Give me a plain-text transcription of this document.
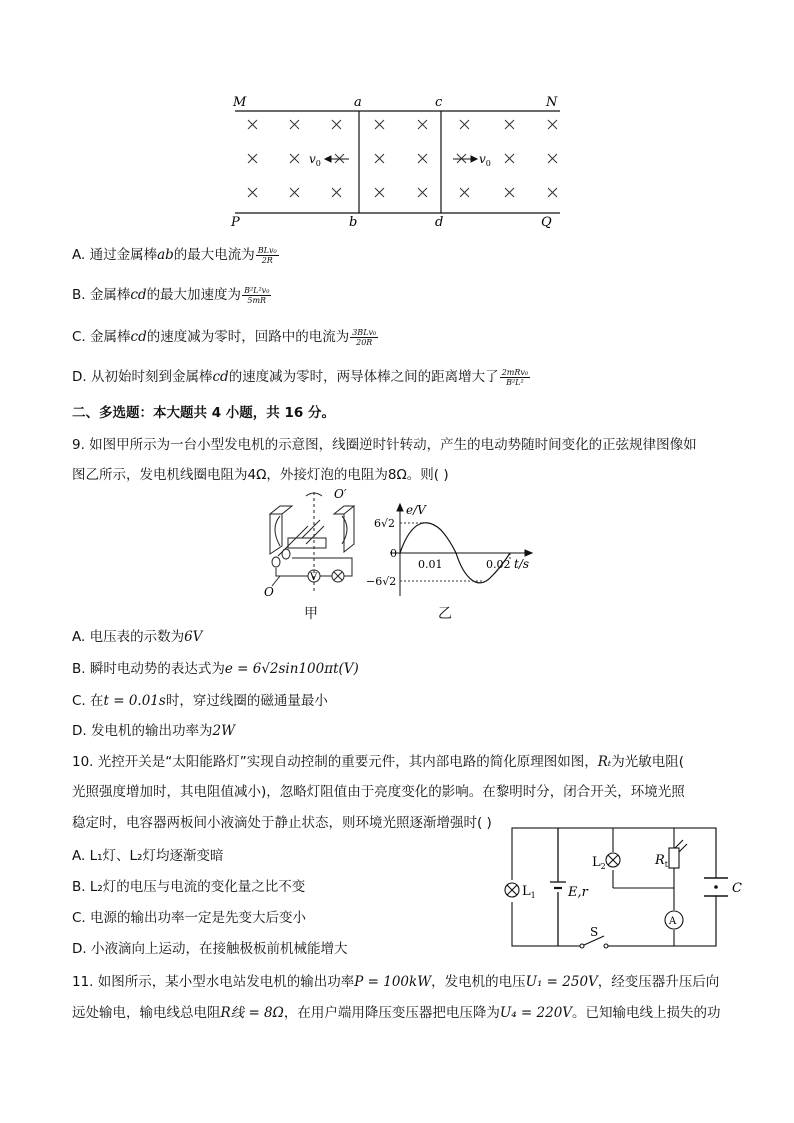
M	a	c	N
P	b	d	Q
$v_0$	$v_0$
A. 通过金属棒ab的最大电流为 $\frac{\text{BLv₀}}{2R}$
B. 金属棒cd的最大加速度为 $\frac{\text{B²L²v₀}}{5mR}$
C. 金属棒cd的速度减为零时，回路中的电流为 $\frac{\text{3BLv₀}}{20R}$
D. 从初始时刻到金属棒cd的速度减为零时，两导体棒之间的距离增大了 $\frac{\text{2mRv₀}}{\text{B²L²}}$
二、多选题：本大题共 4 小题，共 16 分。
9. 如图甲所示为一台小型发电机的示意图，线圈逆时针转动，产生的电动势随时间变化的正弦规律图像如
图乙所示，发电机线圈电阻为4Ω，外接灯泡的电阻为8Ω。则( )
O′
O
V
甲
e/V
t/s
6√2
0
−6√2
0.01	0.02
乙
A. 电压表的示数为6V
B. 瞬时电动势的表达式为e = 6√2sin100πt(V)
C. 在t = 0.01s时，穿过线圈的磁通量最小
D. 发电机的输出功率为2W
10. 光控开关是“太阳能路灯”实现自动控制的重要元件，其内部电路的简化原理图如图，Rₜ为光敏电阻(
光照强度增加时，其电阻值减小)，忽略灯阻值由于亮度变化的影响。在黎明时分，闭合开关，环境光照
稳定时，电容器两板间小液滴处于静止状态，则环境光照逐渐增强时( )
A. L₁灯、L₂灯均逐渐变暗
B. L₂灯的电压与电流的变化量之比不变
C. 电源的输出功率一定是先变大后变小
D. 小液滴向上运动，在接触极板前机械能增大
$L_1$
$L_2$	$R_t$
C
E,r
A
S
11. 如图所示，某小型水电站发电机的输出功率P = 100kW，发电机的电压U₁ = 250V，经变压器升压后向
远处输电，输电线总电阻R线 = 8Ω，在用户端用降压变压器把电压降为U₄ = 220V。已知输电线上损失的功
